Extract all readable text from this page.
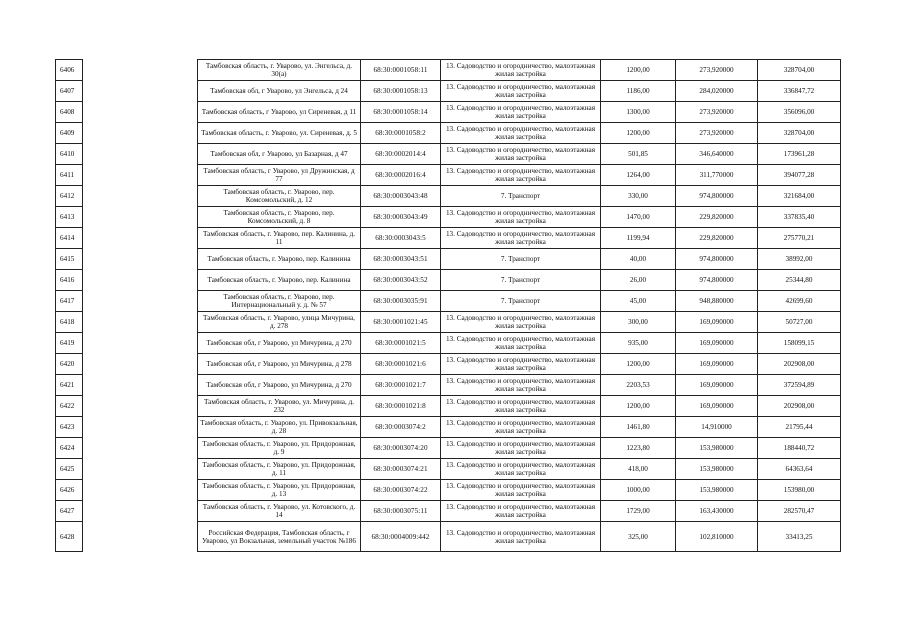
6406		Тамбовская область, г. Уварово, ул. Энгельса, д. 30(а)	68:30:0001058:11	13. Садоводство и огородничество, малоэтажная жилая застройка	1200,00	273,920000	328704,00
6407		Тамбовская обл, г Уварово, ул Энгельса, д 24	68:30:0001058:13	13. Садоводство и огородничество, малоэтажная жилая застройка	1186,00	284,020000	336847,72
6408		Тамбовская область, г Уварово, ул Сиреневая, д 11	68:30:0001058:14	13. Садоводство и огородничество, малоэтажная жилая застройка	1300,00	273,920000	356096,00
6409		Тамбовская область, г. Уварово, ул. Сиреневая, д. 5	68:30:0001058:2	13. Садоводство и огородничество, малоэтажная жилая застройка	1200,00	273,920000	328704,00
6410		Тамбовская обл, г Уварово, ул Базарная, д 47	68:30:0002014:4	13. Садоводство и огородничество, малоэтажная жилая застройка	501,85	346,640000	173961,28
6411		Тамбовская область, г Уварово, ул Дружинская, д 77	68:30:0002016:4	13. Садоводство и огородничество, малоэтажная жилая застройка	1264,00	311,770000	394077,28
6412		Тамбовская область, г. Уварово, пер. Комсомольский, д. 12	68:30:0003043:48	7. Транспорт	330,00	974,800000	321684,00
6413		Тамбовская область, г. Уварово, пер. Комсомольский, д. 8	68:30:0003043:49	13. Садоводство и огородничество, малоэтажная жилая застройка	1470,00	229,820000	337835,40
6414		Тамбовская область, г. Уварово, пер. Калинина, д. 11	68:30:0003043:5	13. Садоводство и огородничество, малоэтажная жилая застройка	1199,94	229,820000	275770,21
6415		Тамбовская область, г. Уварово, пер. Калинина	68:30:0003043:51	7. Транспорт	40,00	974,800000	38992,00
6416		Тамбовская область, г. Уварово, пер. Калинина	68:30:0003043:52	7. Транспорт	26,00	974,800000	25344,80
6417		Тамбовская область, г. Уварово, пер. Интернациональный у. д. № 57	68:30:0003035:91	7. Транспорт	45,00	948,880000	42699,60
6418		Тамбовская область, г. Уварово, улица Мичурина, д. 278	68:30:0001021:45	13. Садоводство и огородничество, малоэтажная жилая застройка	300,00	169,090000	50727,00
6419		Тамбовская обл, г Уварово, ул Мичурина, д 270	68:30:0001021:5	13. Садоводство и огородничество, малоэтажная жилая застройка	935,00	169,090000	158099,15
6420		Тамбовская обл, г Уварово, ул Мичурина, д 278	68:30:0001021:6	13. Садоводство и огородничество, малоэтажная жилая застройка	1200,00	169,090000	202908,00
6421		Тамбовская обл, г Уварово, ул Мичурина, д 270	68:30:0001021:7	13. Садоводство и огородничество, малоэтажная жилая застройка	2203,53	169,090000	372594,89
6422		Тамбовская область, г. Уварово, ул. Мичурина, д. 232	68:30:0001021:8	13. Садоводство и огородничество, малоэтажная жилая застройка	1200,00	169,090000	202908,00
6423		Тамбовская область, г. Уварово, ул. Привокзальная, д. 28	68:30:0003074:2	13. Садоводство и огородничество, малоэтажная жилая застройка	1461,80	14,910000	21795,44
6424		Тамбовская область, г. Уварово, ул. Придорожная, д. 9	68:30:0003074:20	13. Садоводство и огородничество, малоэтажная жилая застройка	1223,80	153,980000	188440,72
6425		Тамбовская область, г. Уварово, ул. Придорожная, д. 11	68:30:0003074:21	13. Садоводство и огородничество, малоэтажная жилая застройка	418,00	153,980000	64363,64
6426		Тамбовская область, г. Уварово, ул. Придорожная, д. 13	68:30:0003074:22	13. Садоводство и огородничество, малоэтажная жилая застройка	1000,00	153,980000	153980,00
6427		Тамбовская область, г. Уварово, ул. Котовского, д. 14	68:30:0003075:11	13. Садоводство и огородничество, малоэтажная жилая застройка	1729,00	163,430000	282570,47
6428		Российская Федерация, Тамбовская область, г Уварово, ул Вокзальная, земельный участок №186	68:30:0004009:442	13. Садоводство и огородничество, малоэтажная жилая застройка	325,00	102,810000	33413,25
